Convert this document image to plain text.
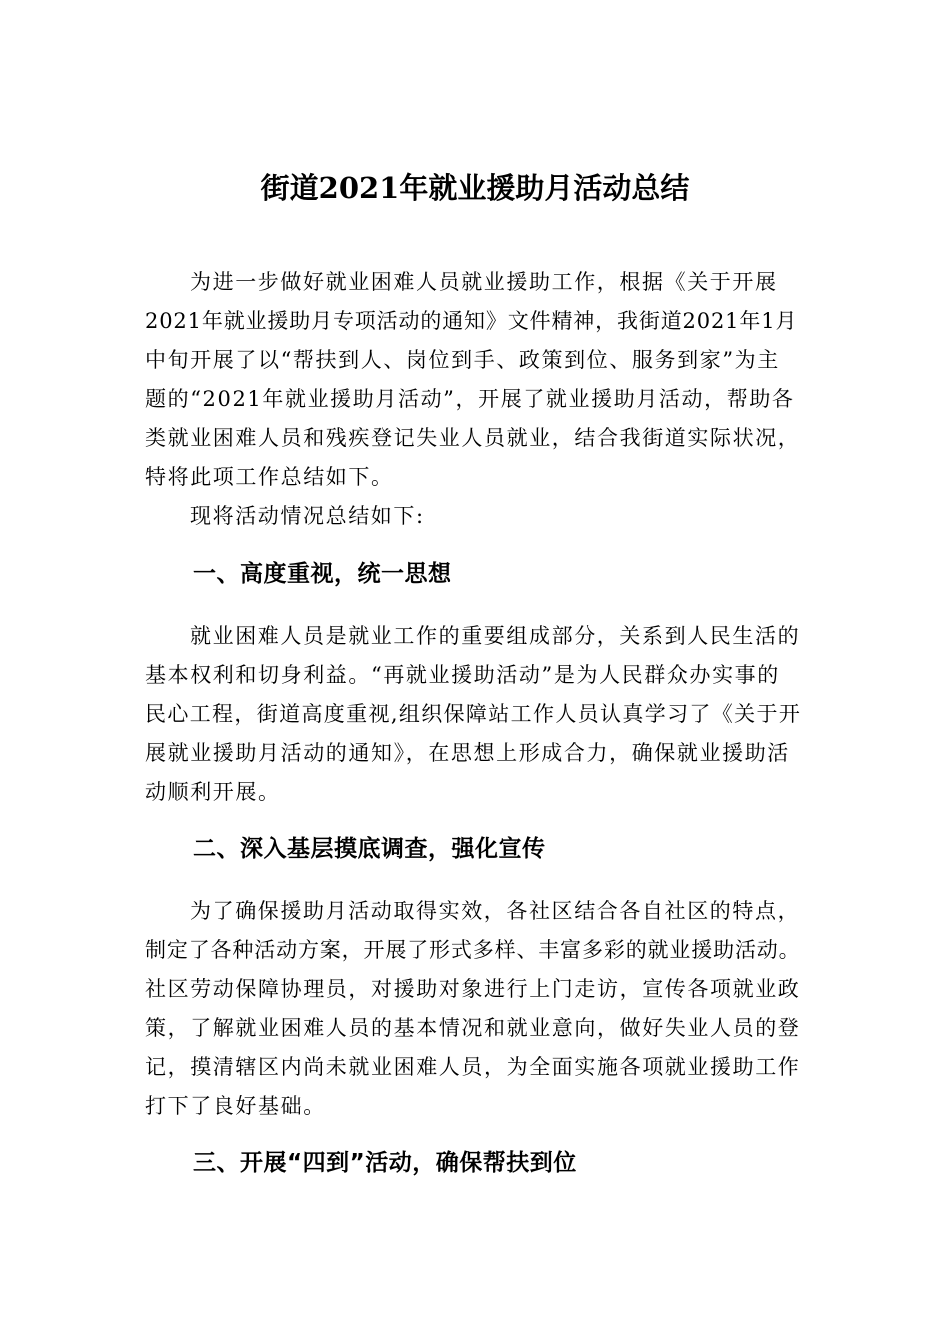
街道2021年就业援助月活动总结
为进一步做好就业困难人员就业援助工作，根据《关于开展
2021年就业援助月专项活动的通知》文件精神，我街道2021年1月
中旬开展了以“帮扶到人、岗位到手、政策到位、服务到家”为主
题的“2021年就业援助月活动”，开展了就业援助月活动，帮助各
类就业困难人员和残疾登记失业人员就业，结合我街道实际状况，
特将此项工作总结如下。
现将活动情况总结如下:
一、高度重视，统一思想
就业困难人员是就业工作的重要组成部分，关系到人民生活的
基本权利和切身利益。“再就业援助活动”是为人民群众办实事的
民心工程，街道高度重视,组织保障站工作人员认真学习了《关于开
展就业援助月活动的通知》，在思想上形成合力，确保就业援助活
动顺利开展。
二、深入基层摸底调查，强化宣传
为了确保援助月活动取得实效，各社区结合各自社区的特点，
制定了各种活动方案，开展了形式多样、丰富多彩的就业援助活动。
社区劳动保障协理员，对援助对象进行上门走访，宣传各项就业政
策，了解就业困难人员的基本情况和就业意向，做好失业人员的登
记，摸清辖区内尚未就业困难人员，为全面实施各项就业援助工作
打下了良好基础。
三、开展“四到”活动，确保帮扶到位
